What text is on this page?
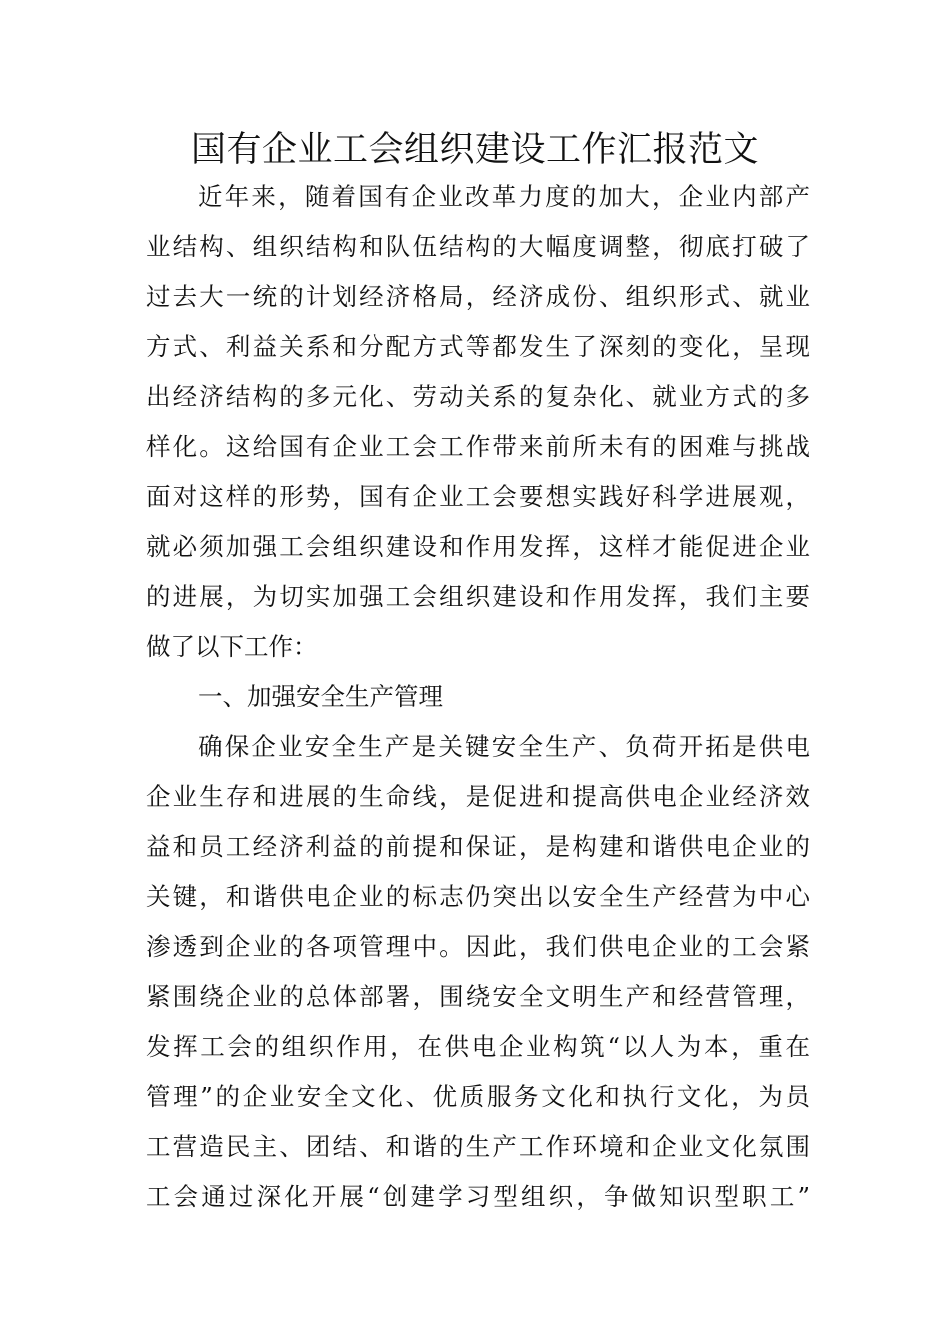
国有企业工会组织建设工作汇报范文
近年来，随着国有企业改革力度的加大，企业内部产
业结构、组织结构和队伍结构的大幅度调整，彻底打破了
过去大一统的计划经济格局，经济成份、组织形式、就业
方式、利益关系和分配方式等都发生了深刻的变化，呈现
出经济结构的多元化、劳动关系的复杂化、就业方式的多
样化。这给国有企业工会工作带来前所未有的困难与挑战
面对这样的形势，国有企业工会要想实践好科学进展观，
就必须加强工会组织建设和作用发挥，这样才能促进企业
的进展，为切实加强工会组织建设和作用发挥，我们主要
做了以下工作：
一、加强安全生产管理
确保企业安全生产是关键安全生产、负荷开拓是供电
企业生存和进展的生命线，是促进和提高供电企业经济效
益和员工经济利益的前提和保证，是构建和谐供电企业的
关键，和谐供电企业的标志仍突出以安全生产经营为中心
渗透到企业的各项管理中。因此，我们供电企业的工会紧
紧围绕企业的总体部署，围绕安全文明生产和经营管理，
发挥工会的组织作用，在供电企业构筑“以人为本，重在
管理”的企业安全文化、优质服务文化和执行文化，为员
工营造民主、团结、和谐的生产工作环境和企业文化氛围
工会通过深化开展“创建学习型组织，争做知识型职工”
